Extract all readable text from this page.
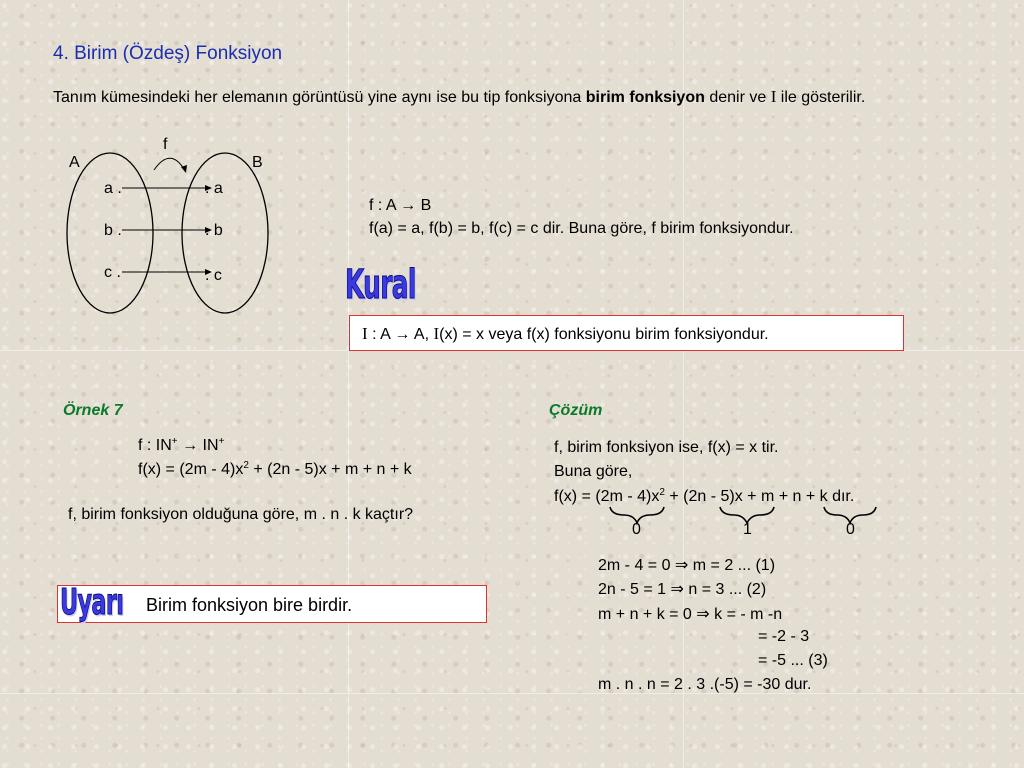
4. Birim (Özdeş) Fonksiyon
Tanım kümesindeki her elemanın görüntüsü yine aynı ise bu tip fonksiyona birim fonksiyon denir ve I ile gösterilir.
f
A	B
a .
b .
c .
. a
. b
. c
f : A → B
f(a) = a, f(b) = b, f(c) = c dir. Buna göre, f birim fonksiyondur.
Kural
I : A → A, I(x) = x veya f(x) fonksiyonu birim fonksiyondur.
Örnek 7
f : IN+ → IN+
$f(x) = (2m - 4)x^2 + (2n - 5)x + m + n + k$
f, birim fonksiyon olduğuna göre, m . n . k kaçtır?
Çözüm
f, birim fonksiyon ise, f(x) = x tir.
Buna göre,
$f(x) = (2m - 4)x^2 + (2n - 5)x + m + n + k$ dır.
0	1	0
2m - 4 = 0 ⇒ m = 2 ... (1)
2n - 5 = 1 ⇒ n = 3 ... (2)
m + n + k = 0 ⇒ k = - m -n
= -2 - 3
= -5 ... (3)
m . n . n = 2 . 3 .(-5) = -30 dur.
Uyarı Birim fonksiyon bire birdir.
